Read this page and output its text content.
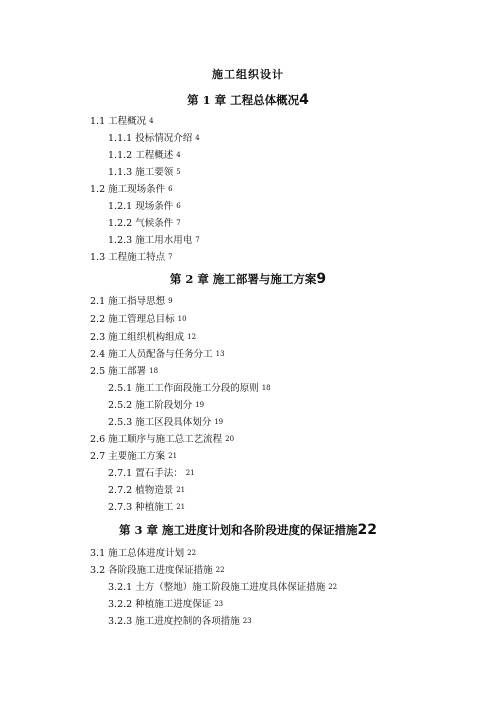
施工组织设计
第 1 章 工程总体概况4
1.1 工程概况 4
1.1.1 投标情况介绍 4
1.1.2 工程概述 4
1.1.3 施工要领 5
1.2 施工现场条件 6
1.2.1 现场条件 6
1.2.2 气候条件 7
1.2.3 施工用水用电 7
1.3 工程施工特点 7
第 2 章 施工部署与施工方案9
2.1 施工指导思想 9
2.2 施工管理总目标 10
2.3 施工组织机构组成 12
2.4 施工人员配备与任务分工 13
2.5 施工部署 18
2.5.1 施工工作面段施工分段的原则 18
2.5.2 施工阶段划分 19
2.5.3 施工区段具体划分 19
2.6 施工顺序与施工总工艺流程 20
2.7 主要施工方案 21
2.7.1 置石手法： 21
2.7.2 植物造景 21
2.7.3 种植施工 21
第 3 章 施工进度计划和各阶段进度的保证措施22
3.1 施工总体进度计划 22
3.2 各阶段施工进度保证措施 22
3.2.1 土方（整地）施工阶段施工进度具体保证措施 22
3.2.2 种植施工进度保证 23
3.2.3 施工进度控制的各项措施 23
